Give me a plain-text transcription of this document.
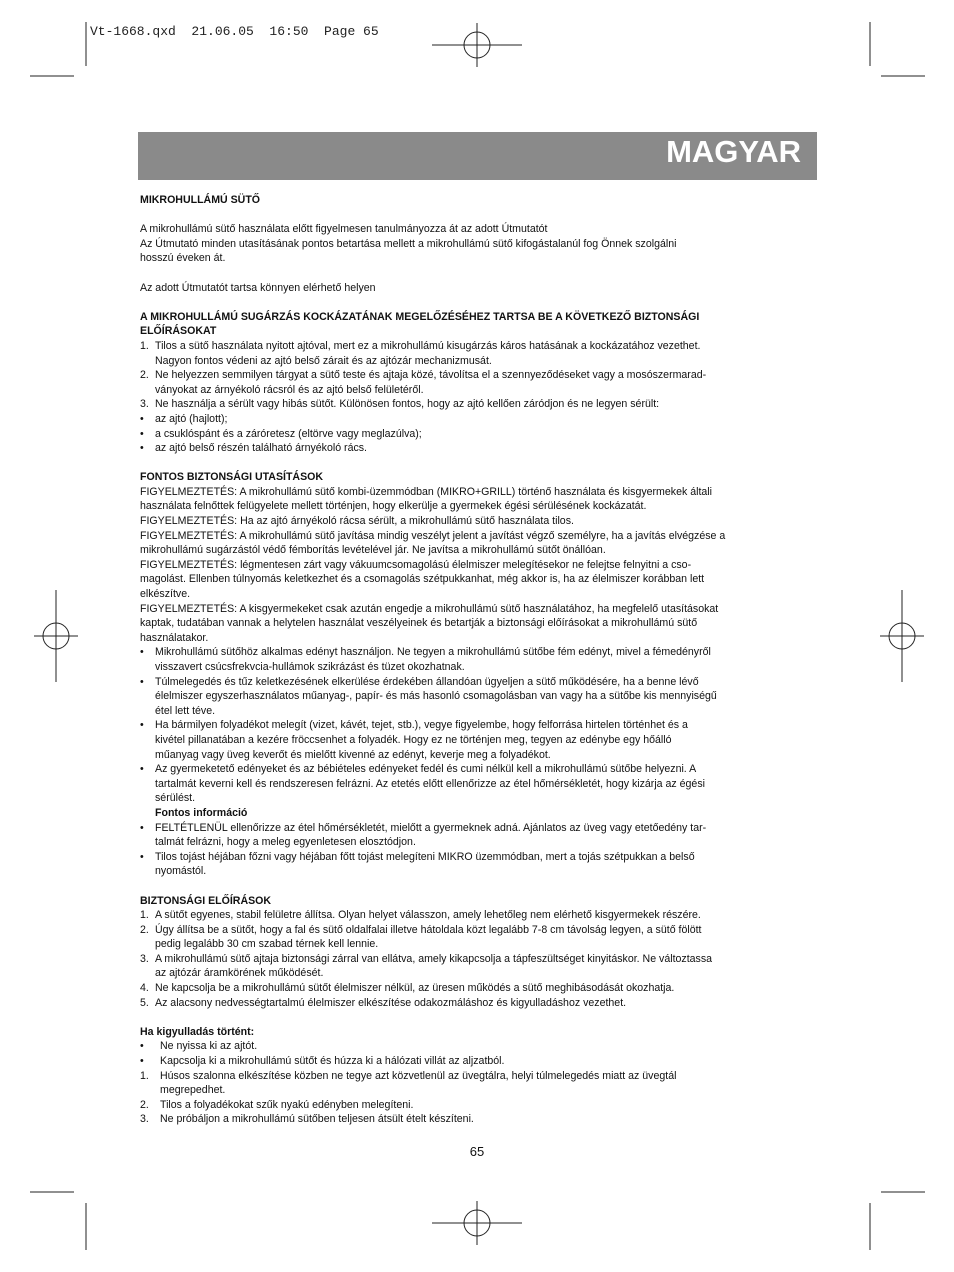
Vt-1668.qxd  21.06.05  16:50  Page 65
MAGYAR

MIKROHULLÁMÚ SÜTŐ

A mikrohullámú sütő használata előtt figyelmesen tanulmányozza át az adott Útmutatót

Az Útmutató minden utasításának pontos betartása mellett a mikrohullámú sütő kifogástalanúl fog Önnek szolgálni

hosszú éveken át.

Az adott Útmutatót tartsa könnyen elérhető helyen

A MIKROHULLÁMÚ SUGÁRZÁS KOCKÁZATÁNAK MEGELŐZÉSÉHEZ TARTSA BE A KÖVETKEZŐ BIZTONSÁGI

ELŐÍRÁSOKAT

1. Tilos a sütő használata nyitott ajtóval, mert ez a mikrohullámú kisugárzás káros hatásának a kockázatához vezethet.
Nagyon fontos védeni az ajtó belső zárait és az ajtózár mechanizmusát.
2. Ne helyezzen semmilyen tárgyat a sütő teste és ajtaja közé, távolítsa el a szennyeződéseket vagy a mosószermarad-
ványokat az árnyékoló rácsról és az ajtó belső felületéről.
3. Ne használja a sérült vagy hibás sütőt. Különösen fontos, hogy az ajtó kellően záródjon és ne legyen sérült:
• az ajtó (hajlott);
• a csuklóspánt és a záróretesz (eltörve vagy meglazúlva);
• az ajtó belső részén található árnyékoló rács.

FONTOS BIZTONSÁGI UTASÍTÁSOK

FIGYELMEZTETÉS: A mikrohullámú sütő kombi-üzemmódban (MIKRO+GRILL) történő használata és kisgyermekek általi

használata felnőttek felügyelete mellett történjen, hogy elkerülje a gyermekek égési sérülésének kockázatát.

FIGYELMEZTETÉS: Ha az ajtó árnyékoló rácsa sérült, a mikrohullámú sütő használata tilos.

FIGYELMEZTETÉS: A mikrohullámú sütő javítása mindig veszélyt jelent a javítást végző személyre, ha a javítás elvégzése a

mikrohullámú sugárzástól védő fémborítás levételével jár. Ne javítsa a mikrohullámú sütőt önállóan.

FIGYELMEZTETÉS: légmentesen zárt vagy vákuumcsomagolású élelmiszer melegítésekor ne felejtse felnyitni a cso-

magolást. Ellenben túlnyomás keletkezhet és a csomagolás szétpukkanhat, még akkor is, ha az élelmiszer korábban lett

elkészítve.

FIGYELMEZTETÉS: A kisgyermekeket csak azután engedje a mikrohullámú sütő használatához, ha megfelelő utasításokat

kaptak, tudatában vannak a helytelen használat veszélyeinek és betartják a biztonsági előírásokat a mikrohullámú sütő

használatakor.

• Mikrohullámú sütőhöz alkalmas edényt használjon. Ne tegyen a mikrohullámú sütőbe fém edényt, mivel a fémedényről
visszavert csúcsfrekvcia-hullámok szikrázást és tüzet okozhatnak.
• Túlmelegedés és tűz keletkezésének elkerülése érdekében állandóan ügyeljen a sütő működésére, ha a benne lévő
élelmiszer egyszerhasználatos műanyag-, papír- és más hasonló csomagolásban van vagy ha a sütőbe kis mennyiségű
étel lett téve.
• Ha bármilyen folyadékot melegít (vizet, kávét, tejet, stb.), vegye figyelembe, hogy felforrása hirtelen történhet és a
kivétel pillanatában a kezére fröccsenhet a folyadék. Hogy ez ne történjen meg, tegyen az edénybe egy hőálló
műanyag vagy üveg keverőt és mielőtt kivenné az edényt, keverje meg a folyadékot.
• Az gyermeketető edényeket és az bébiételes edényeket fedél és cumi nélkül kell a mikrohullámú sütőbe helyezni. A
tartalmát keverni kell és rendszeresen felrázni. Az etetés előtt ellenőrizze az étel hőmérsékletét, hogy kizárja az égési
sérülést.

Fontos információ

• FELTÉTLENÜL ellenőrizze az étel hőmérsékletét, mielőtt a gyermeknek adná. Ajánlatos az üveg vagy etetőedény tar-
talmát felrázni, hogy a meleg egyenletesen elosztódjon.
• Tilos tojást héjában főzni vagy héjában főtt tojást melegíteni MIKRO üzemmódban, mert a tojás szétpukkan a belső
nyomástól.

BIZTONSÁGI ELŐÍRÁSOK

1. A sütőt egyenes, stabil felületre állítsa. Olyan helyet válasszon, amely lehetőleg nem elérhető kisgyermekek részére.
2. Úgy állítsa be a sütőt, hogy a fal és sütő oldalfalai illetve hátoldala közt legalább 7-8 cm távolság legyen, a sütő fölött
pedig legalább 30 cm szabad térnek kell lennie.
3. A mikrohullámú sütő ajtaja biztonsági zárral van ellátva, amely kikapcsolja a tápfeszültséget kinyitáskor. Ne változtassa
az ajtózár áramkörének működését.
4. Ne kapcsolja be a mikrohullámú sütőt élelmiszer nélkül, az üresen működés a sütő meghibásodását okozhatja.
5. Az alacsony nedvességtartalmú élelmiszer elkészítése odakozmáláshoz és kigyulladáshoz vezethet.

Ha kigyulladás történt:

• Ne nyissa ki az ajtót.
• Kapcsolja ki a mikrohullámú sütőt és húzza ki a hálózati villát az aljzatból.
1. Húsos szalonna elkészítése közben ne tegye azt közvetlenül az üvegtálra, helyi túlmelegedés miatt az üvegtál
megrepedhet.
2. Tilos a folyadékokat szűk nyakú edényben melegíteni.
3. Ne próbáljon a mikrohullámú sütőben teljesen átsült ételt készíteni.
65
